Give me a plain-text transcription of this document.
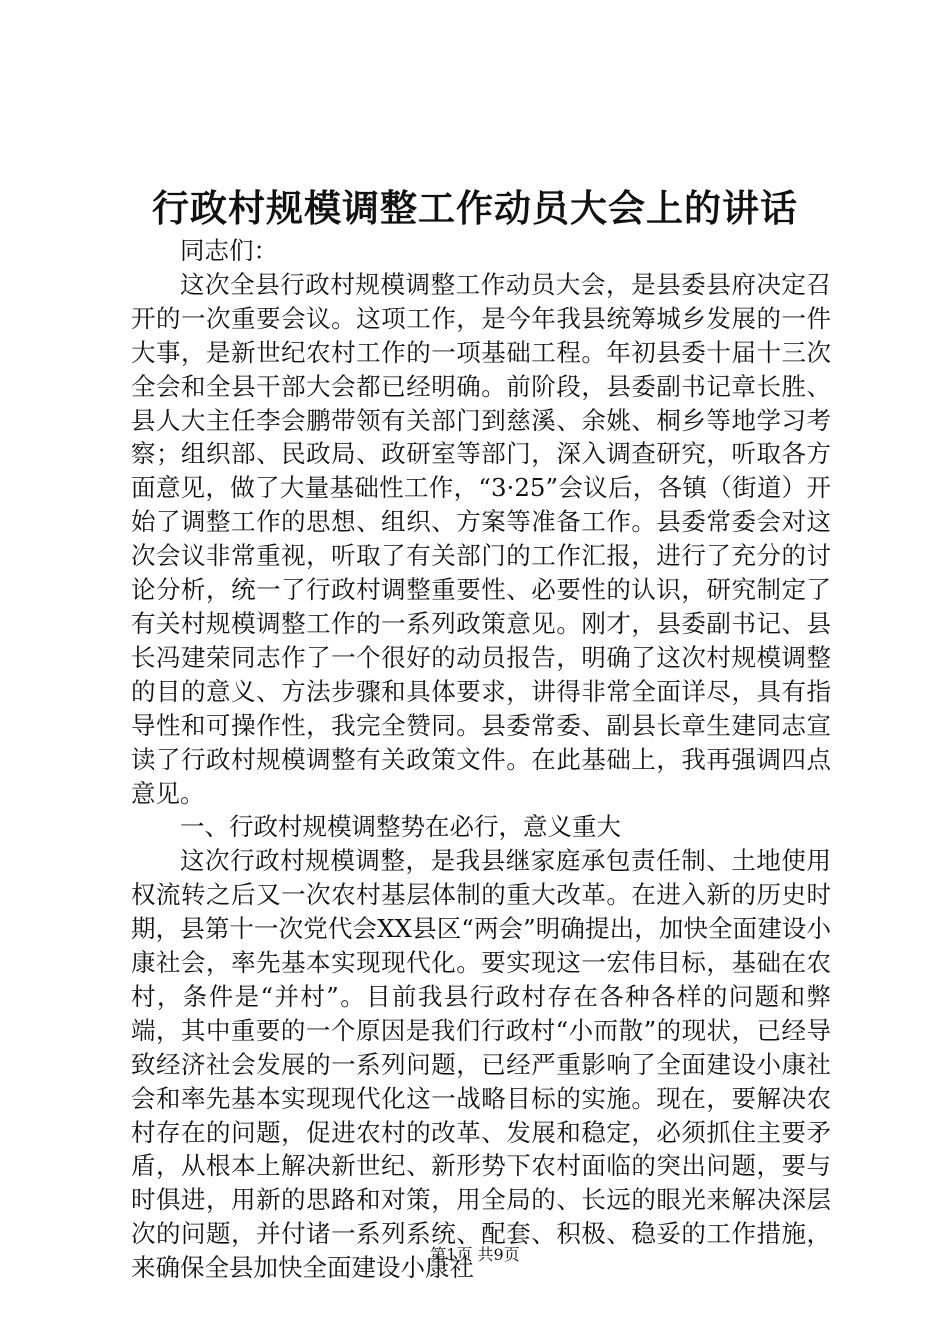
行政村规模调整工作动员大会上的讲话

同志们：

这次全县行政村规模调整工作动员大会，是县委县府决定召开的一次重要会议。这项工作，是今年我县统筹城乡发展的一件大事，是新世纪农村工作的一项基础工程。年初县委十届十三次全会和全县干部大会都已经明确。前阶段，县委副书记章长胜、县人大主任李会鹏带领有关部门到慈溪、余姚、桐乡等地学习考察；组织部、民政局、政研室等部门，深入调查研究，听取各方面意见，做了大量基础性工作，“3·25”会议后，各镇（街道）开始了调整工作的思想、组织、方案等准备工作。县委常委会对这次会议非常重视，听取了有关部门的工作汇报，进行了充分的讨论分析，统一了行政村调整重要性、必要性的认识，研究制定了有关村规模调整工作的一系列政策意见。刚才，县委副书记、县长冯建荣同志作了一个很好的动员报告，明确了这次村规模调整的目的意义、方法步骤和具体要求，讲得非常全面详尽，具有指导性和可操作性，我完全赞同。县委常委、副县长章生建同志宣读了行政村规模调整有关政策文件。在此基础上，我再强调四点意见。

一、行政村规模调整势在必行，意义重大

这次行政村规模调整，是我县继家庭承包责任制、土地使用权流转之后又一次农村基层体制的重大改革。在进入新的历史时期，县第十一次党代会XX县区“两会”明确提出，加快全面建设小康社会，率先基本实现现代化。要实现这一宏伟目标，基础在农村，条件是“并村”。目前我县行政村存在各种各样的问题和弊端，其中重要的一个原因是我们行政村“小而散”的现状，已经导致经济社会发展的一系列问题，已经严重影响了全面建设小康社会和率先基本实现现代化这一战略目标的实施。现在，要解决农村存在的问题，促进农村的改革、发展和稳定，必须抓住主要矛盾，从根本上解决新世纪、新形势下农村面临的突出问题，要与时俱进，用新的思路和对策，用全局的、长远的眼光来解决深层次的问题，并付诸一系列系统、配套、积极、稳妥的工作措施，来确保全县加快全面建设小康社

第1页 共9页
